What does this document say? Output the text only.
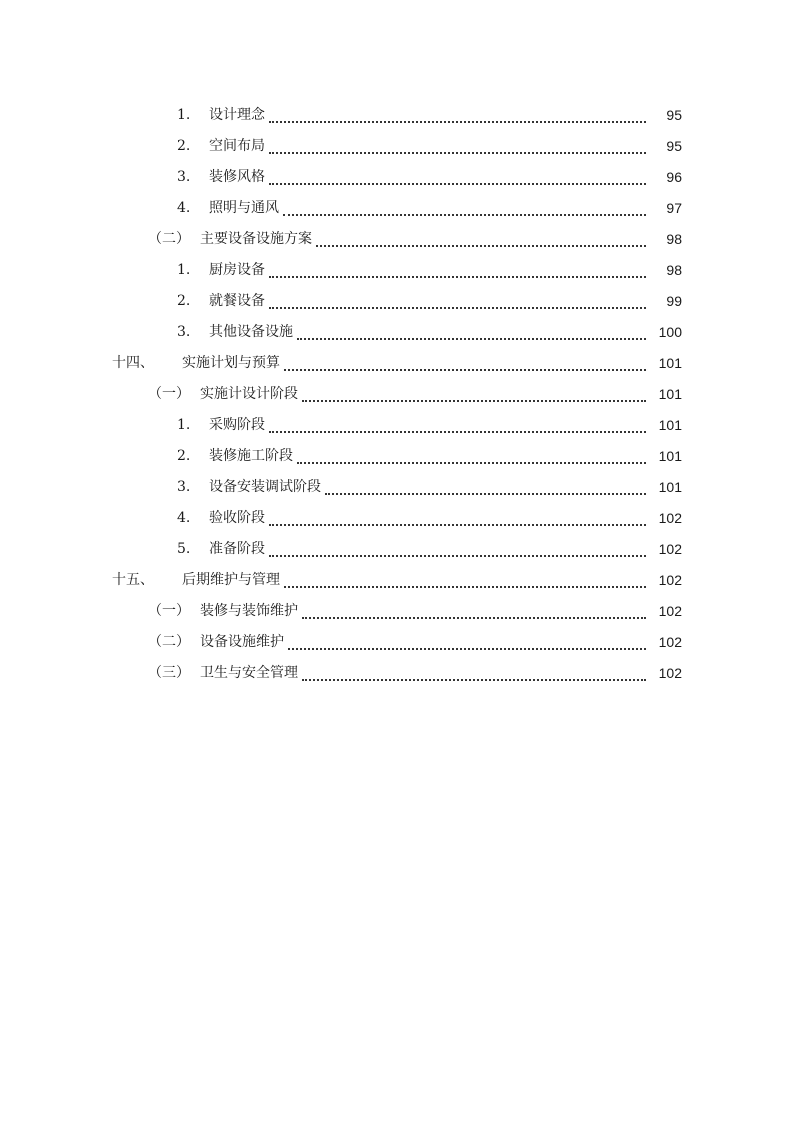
1.	设计理念	95
2.	空间布局	95
3.	装修风格	96
4.	照明与通风	97
（二） 主要设备设施方案	98
1.	厨房设备	98
2.	就餐设备	99
3.	其他设备设施	100
十四、	实施计划与预算	101
（一） 实施计设计阶段	101
1.	采购阶段	101
2.	装修施工阶段	101
3.	设备安装调试阶段	101
4.	验收阶段	102
5.	准备阶段	102
十五、	后期维护与管理	102
（一） 装修与装饰维护	102
（二） 设备设施维护	102
（三） 卫生与安全管理	102
